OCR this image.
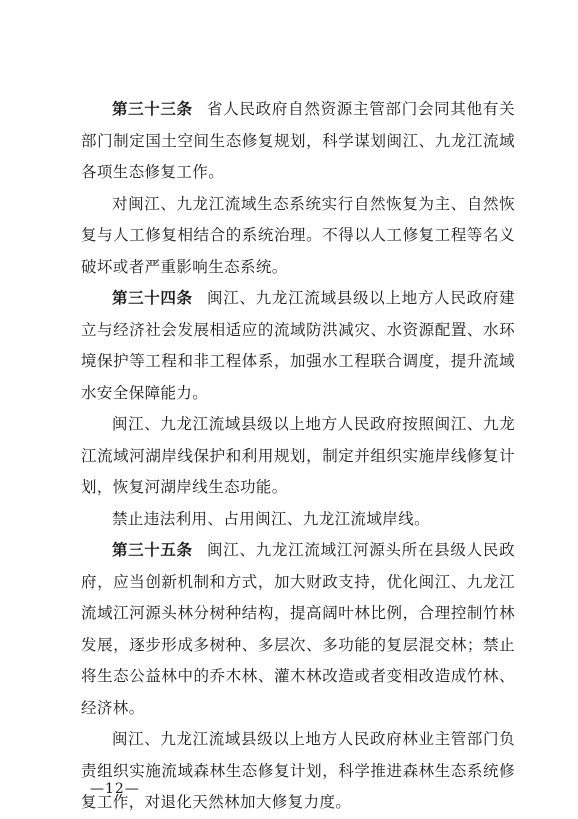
第三十三条 省人民政府自然资源主管部门会同其他有关部门制定国土空间生态修复规划，科学谋划闽江、九龙江流域各项生态修复工作。

对闽江、九龙江流域生态系统实行自然恢复为主、自然恢复与人工修复相结合的系统治理。不得以人工修复工程等名义破坏或者严重影响生态系统。

第三十四条 闽江、九龙江流域县级以上地方人民政府建立与经济社会发展相适应的流域防洪减灾、水资源配置、水环境保护等工程和非工程体系，加强水工程联合调度，提升流域水安全保障能力。

闽江、九龙江流域县级以上地方人民政府按照闽江、九龙江流域河湖岸线保护和利用规划，制定并组织实施岸线修复计划，恢复河湖岸线生态功能。

禁止违法利用、占用闽江、九龙江流域岸线。

第三十五条 闽江、九龙江流域江河源头所在县级人民政府，应当创新机制和方式，加大财政支持，优化闽江、九龙江流域江河源头林分树种结构，提高阔叶林比例，合理控制竹林发展，逐步形成多树种、多层次、多功能的复层混交林；禁止将生态公益林中的乔木林、灌木林改造或者变相改造成竹林、经济林。

闽江、九龙江流域县级以上地方人民政府林业主管部门负责组织实施流域森林生态修复计划，科学推进森林生态系统修复工作，对退化天然林加大修复力度。

—12—
